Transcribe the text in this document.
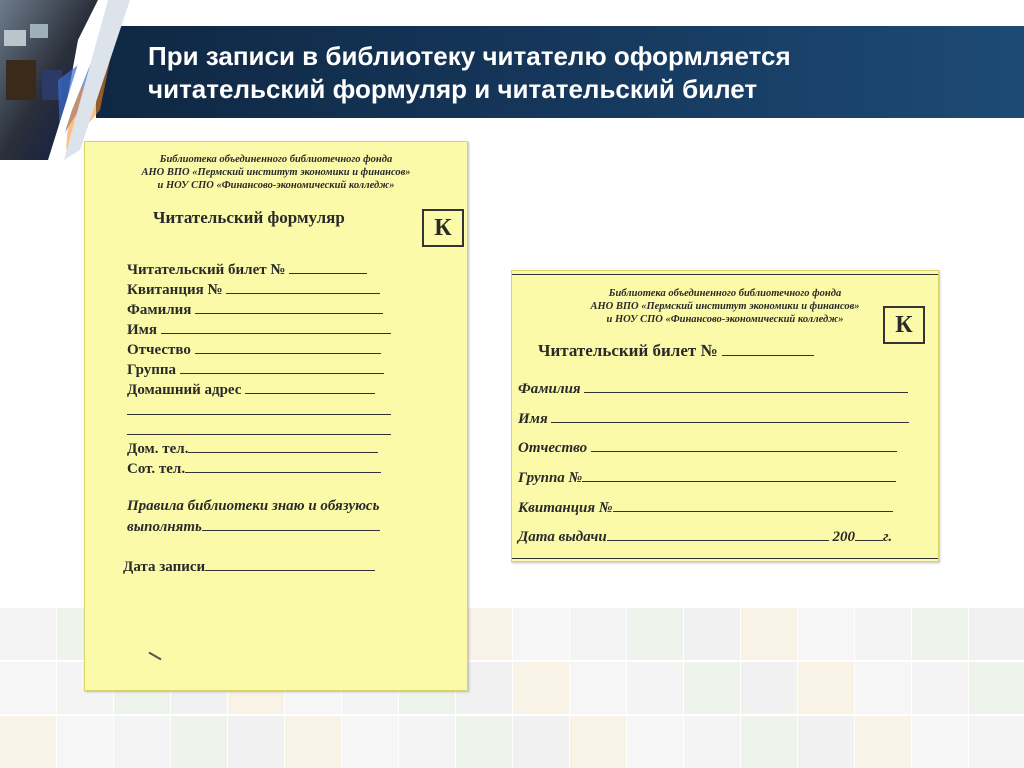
При записи в библиотеку читателю оформляется
читательский формуляр и читательский билет
Библиотека объединенного библиотечного фонда
АНО ВПО «Пермский институт экономики и финансов»
и НОУ СПО «Финансово-экономический колледж»
Читательский формуляр	К
Читательский билет №
Квитанция №
Фамилия
Имя
Отчество
Группа
Домашний адрес
Дом. тел.
Сот. тел.
Правила библиотеки знаю и обязуюсь
выполнять
Дата записи
Библиотека объединенного библиотечного фонда
АНО ВПО «Пермский институт экономики и финансов»
и НОУ СПО «Финансово-экономический колледж»	К
Читательский билет №
Фамилия
Имя
Отчество
Группа №
Квитанция №
Дата выдачи	200 г.
